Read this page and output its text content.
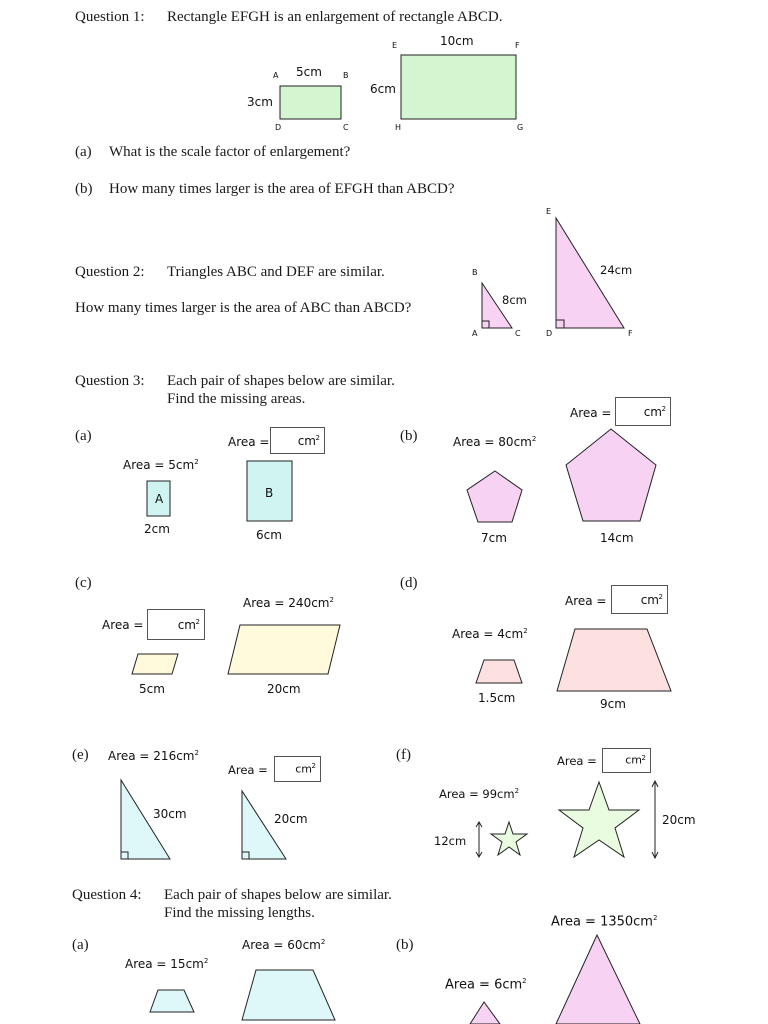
Question 1: Rectangle EFGH is an enlargement of rectangle ABCD.
A	B
C
D
5cm
3cm
E	F
G
H
10cm
6cm
(a) What is the scale factor of enlargement?
(b) How many times larger is the area of EFGH than ABCD?
Question 2: Triangles ABC and DEF are similar.
How many times larger is the area of ABC than ABCD?
B
A	C
8cm
E
D	F
24cm
Question 3: Each pair of shapes below are similar.
Find the missing areas.
(a)
Area = $5cm^2$
Area = cm $^2$
A	B
2cm	6cm
(b)	Area = $80cm^2$
Area =	cm $^2$
7cm	14cm
(c)
Area = $240cm^2$
Area =	cm $^2$
5cm	20cm
(d)
Area = $4cm^2$
Area =	cm $^2$
1.5cm	9cm
(e) Area = $216cm^2$
Area = cm $^2$
30cm	20cm
(f)
Area = $99cm^2$
Area =	cm $^2$
12cm
20cm
Question 4: Each pair of shapes below are similar.
Find the missing lengths.
(a)
Area = $15cm^2$
Area = $60cm^2$	(b)
Area = $6cm^2$
Area = $1350cm^2$
